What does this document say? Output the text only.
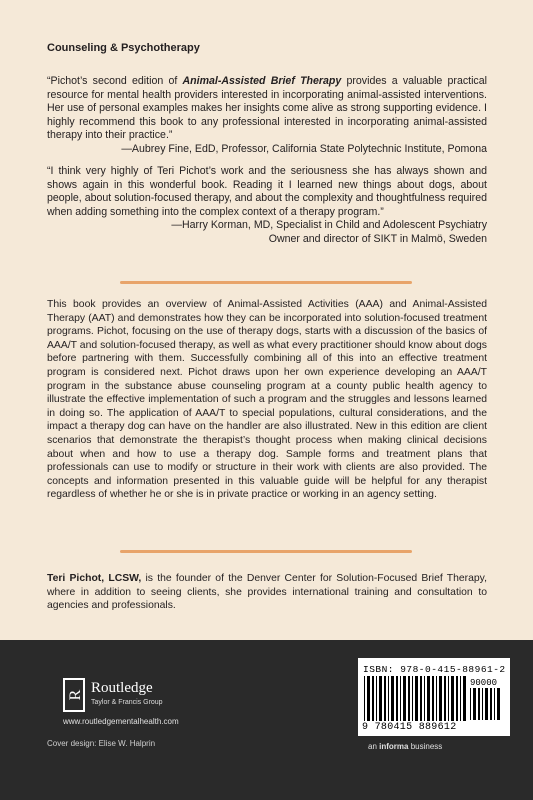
Counseling & Psychotherapy
“Pichot’s second edition of Animal-Assisted Brief Therapy provides a valuable practical resource for mental health providers interested in incorporating animal-assisted interventions. Her use of personal examples makes her insights come alive as strong supporting evidence. I highly recommend this book to any professional interested in incorporating animal-assisted therapy into their practice.”
—Aubrey Fine, EdD, Professor, California State Polytechnic Institute, Pomona
“I think very highly of Teri Pichot’s work and the seriousness she has always shown and shows again in this wonderful book. Reading it I learned new things about dogs, about people, about solution-focused therapy, and about the complexity and thoughtfulness required when adding something into the complex context of a therapy program.”
—Harry Korman, MD, Specialist in Child and Adolescent Psychiatry
Owner and director of SIKT in Malmö, Sweden
This book provides an overview of Animal-Assisted Activities (AAA) and Animal-Assisted Therapy (AAT) and demonstrates how they can be incorporated into solution-focused treatment programs. Pichot, focusing on the use of therapy dogs, starts with a discussion of the basics of AAA/T and solution-focused therapy, as well as what every practitioner should know about dogs before partnering with them. Successfully combining all of this into an effective treatment program is considered next. Pichot draws upon her own experience developing an AAA/T program in the substance abuse counseling program at a county public health agency to illustrate the effective implementation of such a program and the struggles and lessons learned in doing so. The application of AAA/T to special populations, cultural considerations, and the impact a therapy dog can have on the handler are also illustrated. New in this edition are client scenarios that demonstrate the therapist’s thought process when making clinical decisions about when and how to use a therapy dog. Sample forms and treatment plans that professionals can use to modify or structure in their work with clients are also provided. The concepts and information presented in this valuable guide will be helpful for any therapist regardless of whether he or she is in private practice or working in an agency setting.
Teri Pichot, LCSW, is the founder of the Denver Center for Solution-Focused Brief Therapy, where in addition to seeing clients, she provides international training and consultation to agencies and professionals.
R Routledge
Taylor & Francis Group
www.routledgementalhealth.com
Cover design: Elise W. Halprin
ISBN: 978-0-415-88961-2
90000
9 780415 889612
an informa business
